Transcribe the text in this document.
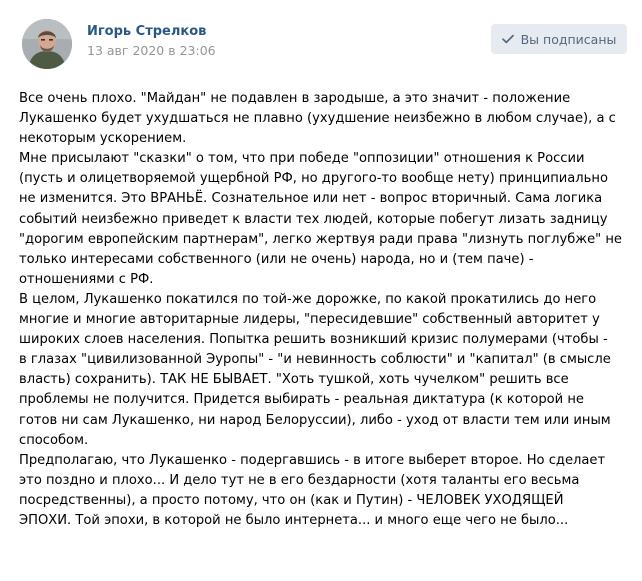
Игорь Стрелков
13 авг 2020 в 23:06
Вы подписаны
Все очень плохо. "Майдан" не подавлен в зародыше, а это значит - положение
Лукашенко будет ухудшаться не плавно (ухудшение неизбежно в любом случае), а с
некоторым ускорением.
Мне присылают "сказки" о том, что при победе "оппозиции" отношения к России
(пусть и олицетворяемой ущербной РФ, но другого-то вообще нету) принципиально
не изменится. Это ВРАНЬЁ. Сознательное или нет - вопрос вторичный. Сама логика
событий неизбежно приведет к власти тех людей, которые побегут лизать задницу
"дорогим европейским партнерам", легко жертвуя ради права "лизнуть поглубже" не
только интересами собственного (или не очень) народа, но и (тем паче) -
отношениями с РФ.
В целом, Лукашенко покатился по той-же дорожке, по какой прокатились до него
многие и многие авторитарные лидеры, "пересидевшие" собственный авторитет у
широких слоев населения. Попытка решить возникший кризис полумерами (чтобы -
в глазах "цивилизованной Эуропы" - "и невинность соблюсти" и "капитал" (в смысле
власть) сохранить). ТАК НЕ БЫВАЕТ. "Хоть тушкой, хоть чучелком" решить все
проблемы не получится. Придется выбирать - реальная диктатура (к которой не
готов ни сам Лукашенко, ни народ Белоруссии), либо - уход от власти тем или иным
способом.
Предполагаю, что Лукашенко - подергавшись - в итоге выберет второе. Но сделает
это поздно и плохо... И дело тут не в его бездарности (хотя таланты его весьма
посредственны), а просто потому, что он (как и Путин) - ЧЕЛОВЕК УХОДЯЩЕЙ
ЭПОХИ. Той эпохи, в которой не было интернета... и много еще чего не было...
